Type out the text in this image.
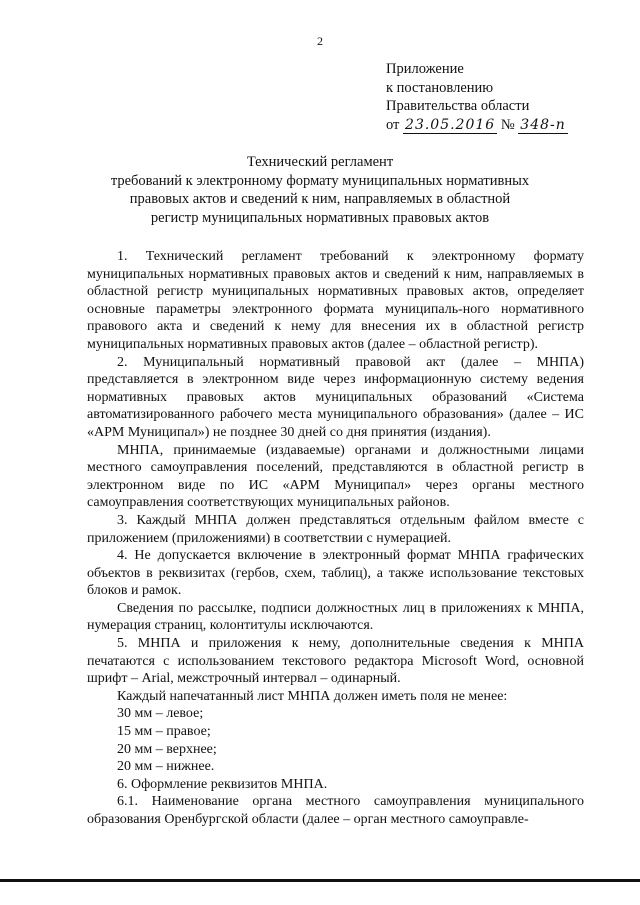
2
Приложение
к постановлению
Правительства области
от 23.05.2016 № 348-п
Технический регламент
требований к электронному формату муниципальных нормативных
правовых актов и сведений к ним, направляемых в областной
регистр муниципальных нормативных правовых актов

1. Технический регламент требований к электронному формату муниципальных нормативных правовых актов и сведений к ним, направляемых в областной регистр муниципальных нормативных правовых актов, определяет основные параметры электронного формата муниципаль-ного нормативного правового акта и сведений к нему для внесения их в областной регистр муниципальных нормативных правовых актов (далее – областной регистр).

2. Муниципальный нормативный правовой акт (далее – МНПА) представляется в электронном виде через информационную систему ведения нормативных правовых актов муниципальных образований «Система автоматизированного рабочего места муниципального образования» (далее – ИС «АРМ Муниципал») не позднее 30 дней со дня принятия (издания).

МНПА, принимаемые (издаваемые) органами и должностными лицами местного самоуправления поселений, представляются в областной регистр в электронном виде по ИС «АРМ Муниципал» через органы местного самоуправления соответствующих муниципальных районов.

3. Каждый МНПА должен представляться отдельным файлом вместе с приложением (приложениями) в соответствии с нумерацией.

4. Не допускается включение в электронный формат МНПА графических объектов в реквизитах (гербов, схем, таблиц), а также использование текстовых блоков и рамок.

Сведения по рассылке, подписи должностных лиц в приложениях к МНПА, нумерация страниц, колонтитулы исключаются.

5. МНПА и приложения к нему, дополнительные сведения к МНПА печатаются с использованием текстового редактора Microsoft Word, основной шрифт – Arial, межстрочный интервал – одинарный.

Каждый напечатанный лист МНПА должен иметь поля не менее:

30 мм – левое;

15 мм – правое;

20 мм – верхнее;

20 мм – нижнее.

6. Оформление реквизитов МНПА.

6.1. Наименование органа местного самоуправления муниципального образования Оренбургской области (далее – орган местного самоуправле-
